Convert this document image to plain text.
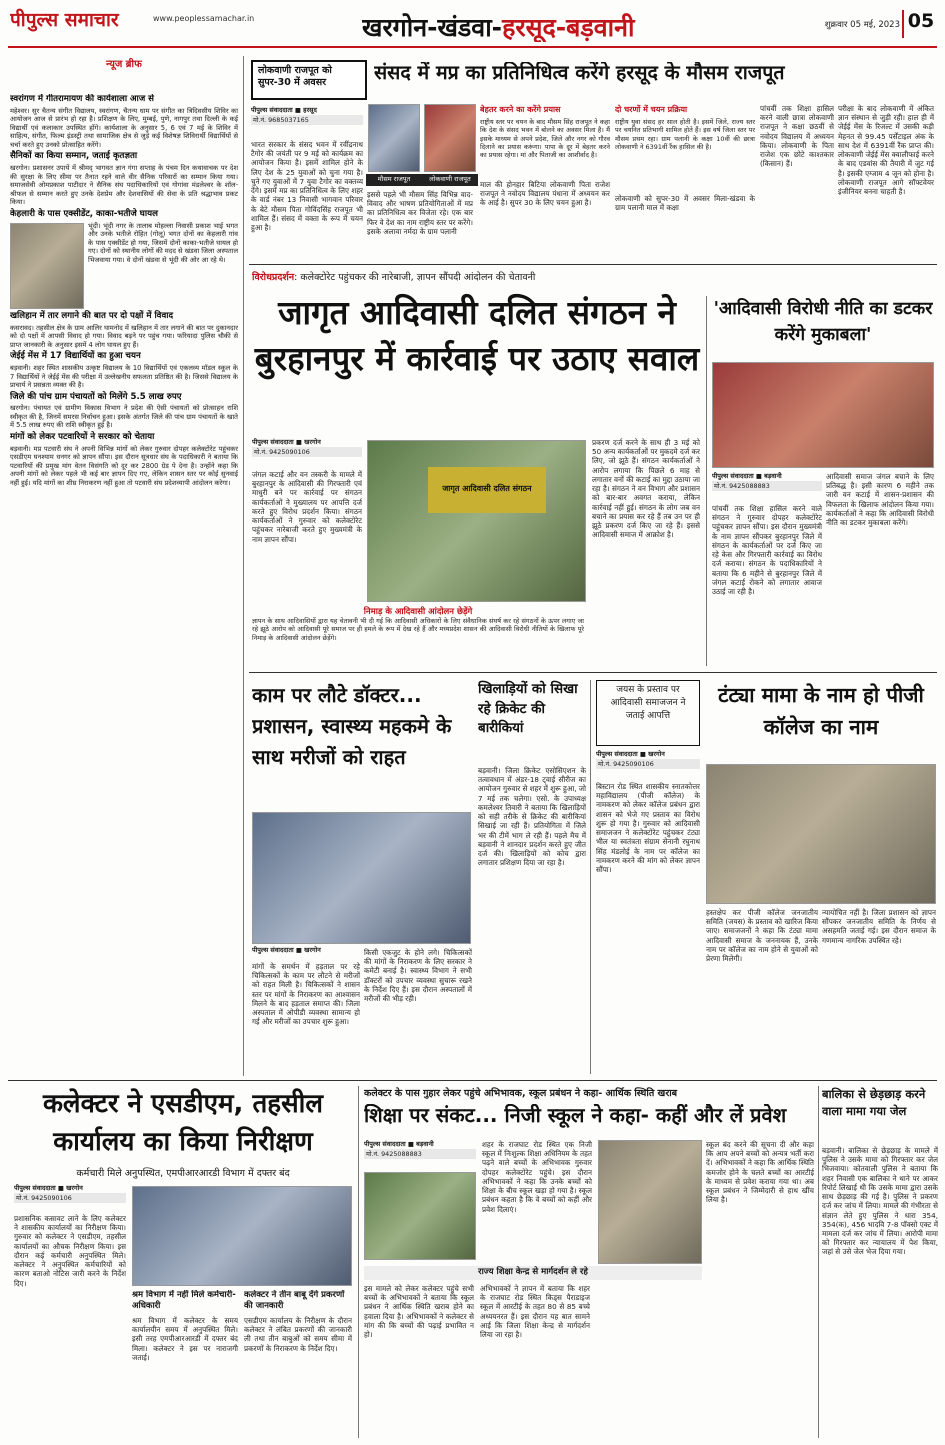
पीपुल्स समाचार	www.peoplessamachar.in	खरगोन-खंडवा-हरसूद-बड़वानी	शुक्रवार 05 मई, 2023 05
न्यूज ब्रीफ
स्वरांगण में गीतरामायण की कार्यशाला आज से

महेश्वर। सुर चैतन्य संगीत विद्यालय, स्वरांगण, चैतन्य धाम पर संगीत का त्रिदिवसीय शिविर का आयोजन आज से प्रारंभ हो रहा है। प्रशिक्षण के लिए, मुम्बई, पुणे, नागपुर तथा दिल्ली के कई विद्यार्थी एवं कलाकार उपस्थित होंगे। कार्यशाला के अनुसार 5, 6 एवं 7 मई के शिविर में साहित्य, संगीत, फिल्म इंडस्ट्री तथा सामाजिक क्षेत्र से जुड़े कई विशेषज्ञ शिविरार्थी विद्यार्थियों से चर्चा करते हुए उनको प्रोत्साहित करेंगे।

सैनिकों का किया सम्मान, जताई कृतज्ञता

खरगोन। प्रशासनर उपायें में श्रीमद् भागवत ज्ञान गंगा सप्ताह के पंचम दिन कथावाचक पर देश की सुरक्षा के लिए सीमा पर तैनात रहने वाले वीर सैनिक परिवारों का सम्मान किया गया। समाजसेवी ओमप्रकाश पाटीदार ने सैनिक संघ पदाधिकारियों एवं गोगांवा मंडलेश्वर के शॉल-श्रीफल से सम्मान करते हुए उनके देशप्रेम और देशवासियों की सेवा के प्रति श्रद्धाभाव प्रकट किया।

केहलारी के पास एक्सीडेंट, काका-भतीजे घायल

भूंदी। भूंदी नगर के तालाब मोहल्ला निवासी प्रकाश भाई भगत और उनके भतीजे रोहित (गोलू) भगत दोनों का केहलारी गांव के पास एक्सीडेंट हो गया, जिसमें दोनों काका-भतीजे घायल हो गए। दोनों को स्थानीय लोगों की मदद से खंडवा जिला अस्पताल भिजवाया गया। वे दोनों खंडवा से भूंदी की ओर आ रहे थे।

खलिहान में तार लगाने की बात पर दो पक्षों में विवाद

कसरावद। तहसील क्षेत्र के ग्राम आलिर घामनोद में खलिहान में तार लगाने की बात पर दुकानदार को दो पक्षों में आपसी विवाद हो गया। विवाद बढ़ने पर पहुंच गया। फरियादा पुलिस चौकी से प्राप्त जानकारी के अनुसार इसमें 4 लोग घायल हुए हैं।

जेईई मेंस में 17 विद्यार्थियों का हुआ चयन

बड़वानी। शहर स्थित शासकीय उत्कृष्ट विद्यालय के 10 विद्यार्थियों एवं एकलव्य मॉडल स्कूल के 7 विद्यार्थियों ने जेईई मेंस की परीक्षा में उल्लेखनीय सफलता प्रतिष्ठित की है। जिससे विद्यालय के प्राचार्य ने प्रसन्नता व्यक्त की है।

जिले की पांच ग्राम पंचायतों को मिलेंगे 5.5 लाख रुपए

खरगोन। पंचायत एवं ग्रामीण विकास विभाग ने प्रदेश की ऐसी पंचायतों को प्रोत्साहन राशि स्वीकृत की है, जिनमें समरस निर्वाचन हुआ। इसके अंतर्गत जिले की पांच ग्राम पंचायतों के खाते में 5.5 लाख रुपए की राशि स्वीकृत हुई है।

मांगों को लेकर पटवारियों ने सरकार को चेताया

बड़वानी। मप्र पटवारी संघ ने अपनी विभिन्न मांगों को लेकर गुरुवार दोपहर कलेक्टोरेट पहुंचकर एसडीएम घनश्याम धनगर को ज्ञापन सौंपा। इस दौरान सूत्रधार संघ के पदाधिकारी ने बताया कि पटवारियों की प्रमुख मांग वेतन विसंगति को दूर कर 2800 ग्रेड पे देना है। उन्होंने कहा कि अपनी मांगों को लेकर पहले भी कई बार ज्ञापन दिए गए, लेकिन शासन स्तर पर कोई सुनवाई नहीं हुई। यदि मांगों का शीघ्र निराकरण नहीं हुआ तो पटवारी संघ प्रदेशव्यापी आंदोलन करेगा।

लोकवाणी राजपूत को सुपर-30 में अवसर	संसद में मप्र का प्रतिनिधित्व करेंगे हरसूद के मौसम राजपूत
पीपुल्स संवाददाता ■ हरसूद
मो.नं. 9685037165
भारत सरकार के संसद भवन में रवींद्रनाथ टैगोर की जयंती पर 9 मई को कार्यक्रम का आयोजन किया है। इसमें शामिल होने के लिए देश के 25 युवाओं को चुना गया है। चुने गए युवाओं में 7 युवा टैगोर का वक्तव्य देंगे। इसमें मप्र का प्रतिनिधित्व के लिए शहर के वार्ड नंबर 13 निवासी भागवान परिवार के बेटे मौसम पिता गोविंदसिंह राजपूत भी शामिल हैं। संसद में वक्ता के रूप में चयन हुआ है।
इससे पहले भी मौसम सिंह विभिन्न वाद-विवाद और भाषण प्रतियोगिताओं में मप्र का प्रतिनिधित्व कर विजेता रहे। एक बार फिर वे देश का नाम राष्ट्रीय स्तर पर करेंगे। इसके अलावा नर्मदा के ग्राम पलानी
मौसम राजपूत	लोकवाणी राजपूत
बेहतर करने का करेंगे प्रयास
राष्ट्रीय स्तर पर चयन के बाद मौसम सिंह राजपूत ने कहा कि देश के संसद भवन में बोलने का अवसर मिला है। मैं इसके माध्यम से अपने प्रदेश, जिले और नगर को गौरव दिलाने का प्रयास करूंगा। पापा के दूर में बेहतर करने का प्रयास रहेगा। मां और पिताजी का आशीर्वाद है।
माल की होनहार बिटिया लोकवाणी पिता राजेश राजपूत ने नवोदय विद्यालय पंधाना में अध्ययन कर के आई है। सुपर 30 के लिए चयन हुआ है।
दो चरणों में चयन प्रक्रिया
राष्ट्रीय युवा संसद हर साल होती है। इसमें जिले, राज्य स्तर पर चयनित प्रतिभागी शामिल होते हैं। इस वर्ष जिला स्तर पर मौसम प्रथम रहा। ग्राम पलानी के कक्षा 10वीं की छात्रा लोकवाणी ने 6391वीं रैंक हासिल की है।
लोकवाणी को सुपर-30 में अवसर मिला-खंडवा के ग्राम पलानी माल में कक्षा
पांचवीं तक शिक्षा हासिल करने वाली छात्रा लोकवाणी राजपूत ने कक्षा छठवीं से नवोदय विद्यालय में अध्ययन किया। लोकवाणी के पिता राजेश एक छोटे काश्तकार (किसान) हैं।
परीक्षा के बाद लोकवाणी में अंकित ज्ञान संस्थान से जुड़ी रही। हाल ही में जेईई मेंस के रिजल्ट में उसकी कड़ी मेहनत से 99.45 पर्सेंटाइल अंक के साथ देश में 6391वीं रैंक प्राप्त की। लोकवाणी जेईई मेंस क्वालीफाई करने के बाद एडवांस की तैयारी में जुट गई है। इसकी एग्जाम 4 जून को होना है। लोकवाणी राजपूत आगे सॉफ्टवेयर इंजीनियर बनना चाहती है।
विरोधप्रदर्शन: कलेक्टोरेट पहुंचकर की नारेबाजी, ज्ञापन सौंपदी आंदोलन की चेतावनी
जागृत आदिवासी दलित संगठन ने बुरहानपुर में कार्रवाई पर उठाए सवाल
पीपुल्स संवाददाता ■ खरगोन
मो.नं. 9425090106
जंगल कटाई और वन तस्करी के मामले में बुरहानपुर के आदिवासी की गिरफ्तारी एवं माधुरी बने पर कार्रवाई पर संगठन कार्यकर्ताओं ने मुख्यालय पर आपत्ति दर्ज करते हुए विरोध प्रदर्शन किया। संगठन कार्यकर्ताओं ने गुरुवार को कलेक्टोरेट पहुंचकर नारेबाजी करते हुए मुख्यमंत्री के नाम ज्ञापन सौंपा।
जागृत आदिवासी दलित संगठन
निमाड़ के आदिवासी आंदोलन छेड़ेंगे
ज्ञापन के साथ आदिवासियों द्वारा यह चेतावनी भी दी गई कि आदिवासी अधिकारों के लिए संवैधानिक संघर्ष कर रहे संगठनों के ऊपर लगाए जा रहे झूठे आरोप को आदिवासी पूरे समाज पर ही हमले के रूप में देख रहे हैं और मध्यप्रदेश शासन की आदिवासी विरोधी नीतियों के खिलाफ पूरे निमाड़ के आदिवासी आंदोलन छेड़ेंगे।
प्रकरण दर्ज करने के साथ ही 3 मई को 50 अन्य कार्यकर्ताओं पर मुकदमे दर्ज कर लिए, जो झूठे हैं। संगठन कार्यकर्ताओं ने आरोप लगाया कि पिछले 6 माह से लगातार वनों की कटाई का मुद्दा उठाया जा रहा है। संगठन ने वन विभाग और प्रशासन को बार-बार अवगत कराया, लेकिन कार्रवाई नहीं हुई। संगठन के लोग जब वन बचाने का प्रयास कर रहे हैं तब उन पर ही झूठे प्रकरण दर्ज किए जा रहे हैं। इससे आदिवासी समाज में आक्रोश है।
'आदिवासी विरोधी नीति का डटकर करेंगे मुकाबला'
पीपुल्स संवाददाता ■ बड़वानी
मो.नं. 9425088883
पांचवीं तक शिक्षा हासिल करने वाले संगठन ने गुरुवार दोपहर कलेक्टोरेट पहुंचकर ज्ञापन सौंपा। इस दौरान मुख्यमंत्री के नाम ज्ञापन सौंपकर बुरहानपुर जिले में संगठन के कार्यकर्ताओं पर दर्ज किए जा रहे केस और गिरफ्तारी कार्रवाई का विरोध दर्ज कराया। संगठन के पदाधिकारियों ने बताया कि 6 महीने से बुरहानपुर जिले में जंगल कटाई रोकने को लगातार आवाज उठाई जा रही है।
आदिवासी समाज जंगल बचाने के लिए प्रतिबद्ध है। इसी कारण 6 महीने तक जारी वन कटाई में शासन-प्रशासन की विफलता के खिलाफ आंदोलन किया गया। कार्यकर्ताओं ने कहा कि आदिवासी विरोधी नीति का डटकर मुकाबला करेंगे।
काम पर लौटे डॉक्टर... प्रशासन, स्वास्थ्य महकमे के साथ मरीजों को राहत
पीपुल्स संवाददाता ■ खरगोन
मांगों के समर्थन में हड़ताल पर रहे चिकित्सकों के काम पर लौटने से मरीजों को राहत मिली है। चिकित्सकों ने शासन स्तर पर मांगों के निराकरण का आश्वासन मिलने के बाद हड़ताल समाप्त की। जिला अस्पताल में ओपीडी व्यवस्था सामान्य हो गई और मरीजों का उपचार शुरू हुआ।
किसी एकजुट के होने लगे। चिकित्सकों की मांगों के निराकरण के लिए सरकार ने कमेटी बनाई है। स्वास्थ्य विभाग ने सभी डॉक्टरों को उपचार व्यवस्था सुचारू रखने के निर्देश दिए हैं। इस दौरान अस्पतालों में मरीजों की भीड़ रही।
खिलाड़ियों को सिखा रहे क्रिकेट की बारीकियां
बड़वानी। जिला क्रिकेट एसोसिएशन के तत्वावधान में अंडर-18 ट्वाई सीरीज का आयोजन गुरुवार से शहर में शुरू हुआ, जो 7 मई तक चलेगा। एसो. के उपाध्यक्ष कमलेश्वर तिवारी ने बताया कि खिलाड़ियों को सही तरीके से क्रिकेट की बारीकियां सिखाई जा रही हैं। प्रतियोगिता में जिले भर की टीमें भाग ले रही हैं। पहले मैच में बड़वानी ने शानदार प्रदर्शन करते हुए जीत दर्ज की। खिलाड़ियों को कोच द्वारा लगातार प्रशिक्षण दिया जा रहा है।
जयस के प्रस्ताव पर आदिवासी समाजजन ने जताई आपत्ति
टंट्या मामा के नाम हो पीजी कॉलेज का नाम
पीपुल्स संवाददाता ■ खरगोन
मो.नं. 9425090106
बिस्टान रोड स्थित शासकीय स्नातकोत्तर महाविद्यालय (पीजी कॉलेज) के नामकरण को लेकर कॉलेज प्रबंधन द्वारा शासन को भेजे गए प्रस्ताव का विरोध शुरू हो गया है। गुरुवार को आदिवासी समाजजन ने कलेक्टोरेट पहुंचकर टंट्या भील या स्वतंत्रता संग्राम सेनानी रघुनाथ सिंह मंडलोई के नाम पर कॉलेज का नामकरण करने की मांग को लेकर ज्ञापन सौंपा।
हस्तक्षेप कर पीजी कॉलेज जनजातीय समिति (जयस) के प्रस्ताव को खारिज किया जाए। समाजजनों ने कहा कि टंट्या मामा आदिवासी समाज के जननायक हैं, उनके नाम पर कॉलेज का नाम होने से युवाओं को प्रेरणा मिलेगी।
न्यायोचित नहीं है। जिला प्रशासन को ज्ञापन सौंपकर जनजातीय समिति के निर्णय से असहमति जताई गई। इस दौरान समाज के गणमान्य नागरिक उपस्थित रहे।
कलेक्टर ने एसडीएम, तहसील कार्यालय का किया निरीक्षण
कर्मचारी मिले अनुपस्थित, एमपीआरआरडी विभाग में दफ्तर बंद
पीपुल्स संवाददाता ■ खरगोन
मो.नं. 9425090106
प्रशासनिक कसावट लाने के लिए कलेक्टर ने शासकीय कार्यालयों का निरीक्षण किया। गुरुवार को कलेक्टर ने एसडीएम, तहसील कार्यालयों का औचक निरीक्षण किया। इस दौरान कई कर्मचारी अनुपस्थित मिले। कलेक्टर ने अनुपस्थित कर्मचारियों को कारण बताओ नोटिस जारी करने के निर्देश दिए।
श्रम विभाग में नहीं मिले कर्मचारी-अधिकारी
श्रम विभाग में कलेक्टर के समय कार्यालयीन समय में अनुपस्थित मिले। इसी तरह एमपीआरआरडी में दफ्तर बंद मिला। कलेक्टर ने इस पर नाराजगी जताई।
कलेक्टर ने तीन बाबू देंगे प्रकरणों की जानकारी
एसडीएम कार्यालय के निरीक्षण के दौरान कलेक्टर ने लंबित प्रकरणों की जानकारी ली तथा तीन बाबुओं को समय सीमा में प्रकरणों के निराकरण के निर्देश दिए।
कलेक्टर के पास गुहार लेकर पहुंचे अभिभावक, स्कूल प्रबंधन ने कहा- आर्थिक स्थिति खराब
शिक्षा पर संकट... निजी स्कूल ने कहा- कहीं और लें प्रवेश
पीपुल्स संवाददाता ■ बड़वानी
मो.नं. 9425088883
शहर के राजघाट रोड स्थित एक निजी स्कूल में निःशुल्क शिक्षा अधिनियम के तहत पढ़ने वाले बच्चों के अभिभावक गुरुवार दोपहर कलेक्टोरेट पहुंचे। इस दौरान अभिभावकों ने कहा कि उनके बच्चों को शिक्षा के बीच स्कूल खड़ा हो गया है। स्कूल प्रबंधन कहता है कि वे बच्चों को कहीं और प्रवेश दिलाएं।
राज्य शिक्षा केन्द्र से मार्गदर्शन ले रहे
इस मामले को लेकर कलेक्टर पहुंचे सभी बच्चों के अभिभावकों ने बताया कि स्कूल प्रबंधन ने आर्थिक स्थिति खराब होने का हवाला दिया है। अभिभावकों ने कलेक्टर से मांग की कि बच्चों की पढ़ाई प्रभावित न हो।
अभिभावकों ने ज्ञापन में बताया कि शहर के राजघाट रोड स्थित किड्स पैराडाइज स्कूल में आरटीई के तहत 80 से 85 बच्चे अध्ययनरत हैं। इस दौरान यह बात सामने आई कि जिला शिक्षा केन्द्र से मार्गदर्शन लिया जा रहा है।
स्कूल बंद करने की सूचना दी और कहा कि आप अपने बच्चों को अन्यत्र भर्ती करा दें। अभिभावकों ने कहा कि आर्थिक स्थिति कमजोर होने के चलते बच्चों का आरटीई के माध्यम से प्रवेश कराया गया था। अब स्कूल प्रबंधन ने जिम्मेदारी से हाथ खींच लिया है।
बालिका से छेड़छाड़ करने वाला मामा गया जेल
बड़वानी। बालिका से छेड़छाड़ के मामले में पुलिस ने उसके मामा को गिरफ्तार कर जेल भिजवाया। कोतवाली पुलिस ने बताया कि शहर निवासी एक बालिका ने थाने पर आकर रिपोर्ट लिखाई थी कि उसके मामा द्वारा उसके साथ छेड़छाड़ की गई है। पुलिस ने प्रकरण दर्ज कर जांच में लिया। मामले की गंभीरता से संज्ञान लेते हुए पुलिस ने धारा 354, 354(क), 456 भादवि 7-8 पॉक्सो एक्ट में मामला दर्ज कर जांच में लिया। आरोपी मामा को गिरफ्तार कर न्यायालय में पेश किया, जहां से उसे जेल भेज दिया गया।
